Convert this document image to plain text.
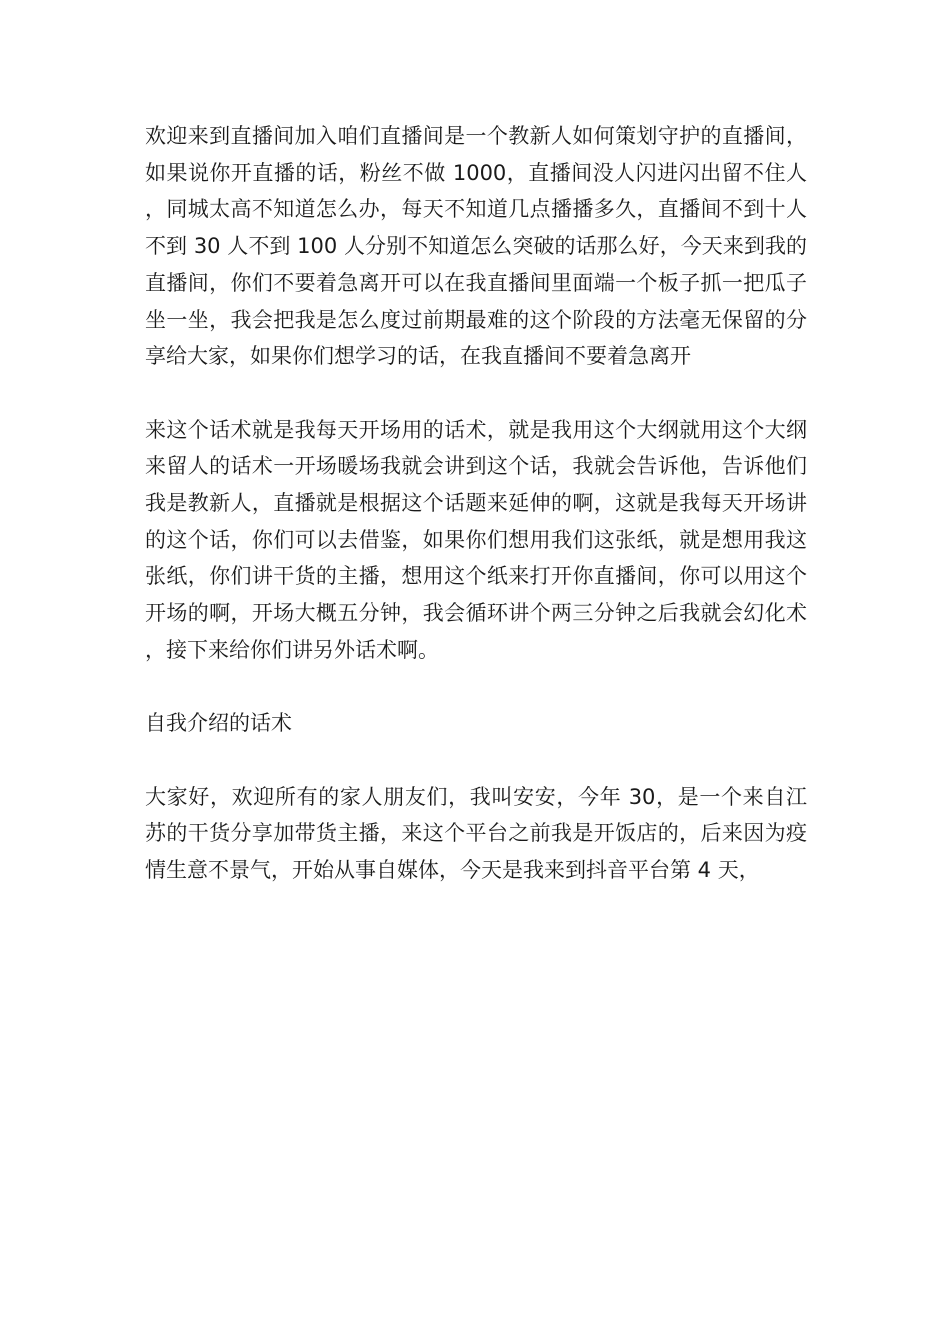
欢迎来到直播间加入咱们直播间是一个教新人如何策划守护的直播间，如果说你开直播的话，粉丝不做 1000，直播间没人闪进闪出留不住人，同城太高不知道怎么办，每天不知道几点播播多久，直播间不到十人不到 30 人不到 100 人分别不知道怎么突破的话那么好，今天来到我的直播间，你们不要着急离开可以在我直播间里面端一个板子抓一把瓜子坐一坐，我会把我是怎么度过前期最难的这个阶段的方法毫无保留的分享给大家，如果你们想学习的话，在我直播间不要着急离开

来这个话术就是我每天开场用的话术，就是我用这个大纲就用这个大纲来留人的话术一开场暖场我就会讲到这个话，我就会告诉他，告诉他们我是教新人，直播就是根据这个话题来延伸的啊，这就是我每天开场讲的这个话，你们可以去借鉴，如果你们想用我们这张纸，就是想用我这张纸，你们讲干货的主播，想用这个纸来打开你直播间，你可以用这个开场的啊，开场大概五分钟，我会循环讲个两三分钟之后我就会幻化术，接下来给你们讲另外话术啊。

自我介绍的话术

大家好，欢迎所有的家人朋友们，我叫安安，今年 30，是一个来自江苏的干货分享加带货主播，来这个平台之前我是开饭店的，后来因为疫情生意不景气，开始从事自媒体，今天是我来到抖音平台第 4 天，
